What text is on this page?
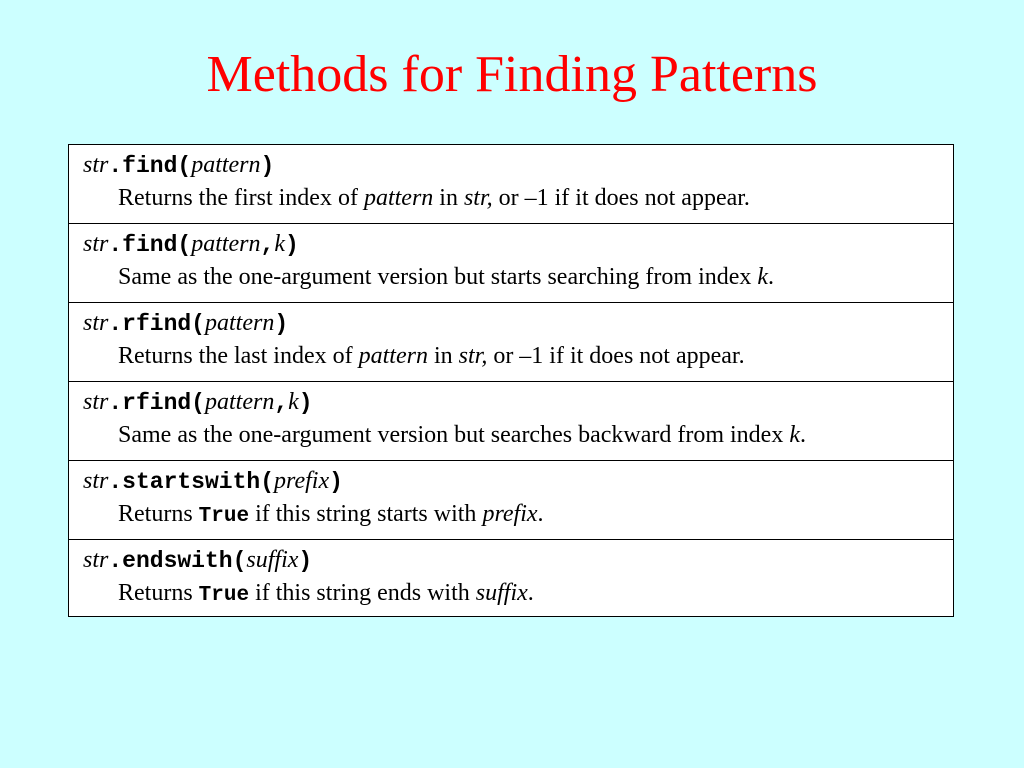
Methods for Finding Patterns
str.find(pattern)
Returns the first index of pattern in str, or –1 if it does not appear.
str.find(pattern,k)
Same as the one-argument version but starts searching from index k.
str.rfind(pattern)
Returns the last index of pattern in str, or –1 if it does not appear.
str.rfind(pattern,k)
Same as the one-argument version but searches backward from index k.
str.startswith(prefix)
Returns True if this string starts with prefix.
str.endswith(suffix)
Returns True if this string ends with suffix.
